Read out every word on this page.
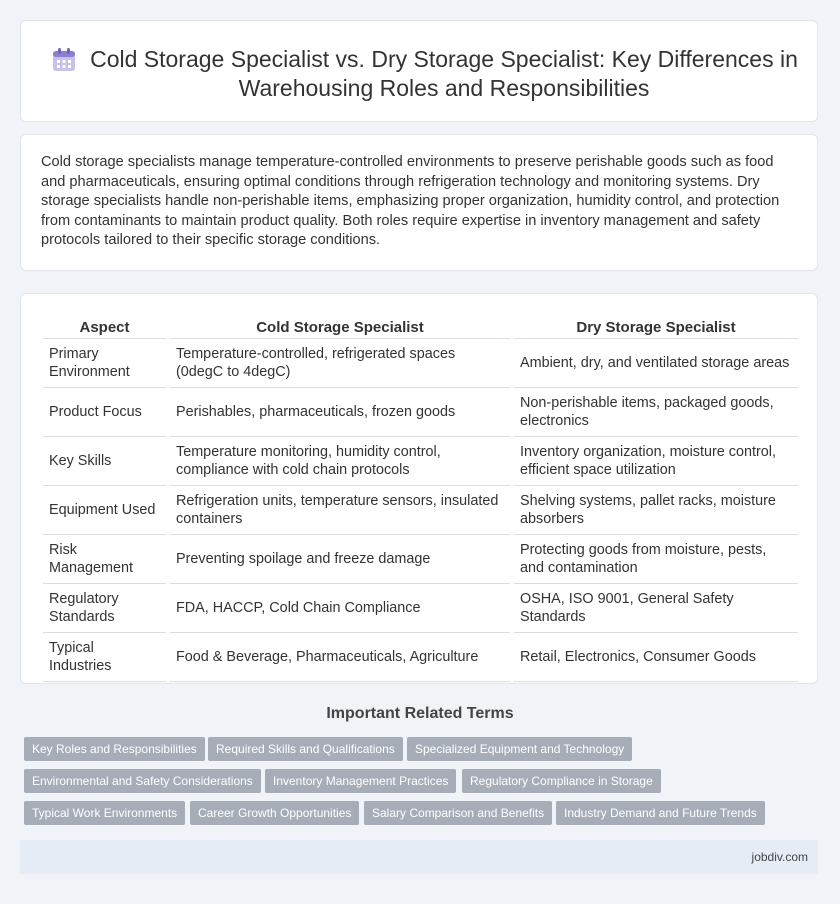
Cold Storage Specialist vs. Dry Storage Specialist: Key Differences in Warehousing Roles and Responsibilities

Cold storage specialists manage temperature-controlled environments to preserve perishable goods such as food and pharmaceuticals, ensuring optimal conditions through refrigeration technology and monitoring systems. Dry storage specialists handle non-perishable items, emphasizing proper organization, humidity control, and protection from contaminants to maintain product quality. Both roles require expertise in inventory management and safety protocols tailored to their specific storage conditions.

Aspect		Cold Storage Specialist		Dry Storage Specialist
Primary Environment		Temperature-controlled, refrigerated spaces (0degC to 4degC)		Ambient, dry, and ventilated storage areas
Product Focus		Perishables, pharmaceuticals, frozen goods		Non-perishable items, packaged goods, electronics
Key Skills		Temperature monitoring, humidity control, compliance with cold chain protocols		Inventory organization, moisture control, efficient space utilization
Equipment Used		Refrigeration units, temperature sensors, insulated containers		Shelving systems, pallet racks, moisture absorbers
Risk Management		Preventing spoilage and freeze damage		Protecting goods from moisture, pests, and contamination
Regulatory Standards		FDA, HACCP, Cold Chain Compliance		OSHA, ISO 9001, General Safety Standards
Typical Industries		Food & Beverage, Pharmaceuticals, Agriculture		Retail, Electronics, Consumer Goods
Important Related Terms
Key Roles and Responsibilities	Required Skills and Qualifications	Specialized Equipment and Technology
Environmental and Safety Considerations	Inventory Management Practices	Regulatory Compliance in Storage
Typical Work Environments	Career Growth Opportunities	Salary Comparison and Benefits	Industry Demand and Future Trends
jobdiv.com
